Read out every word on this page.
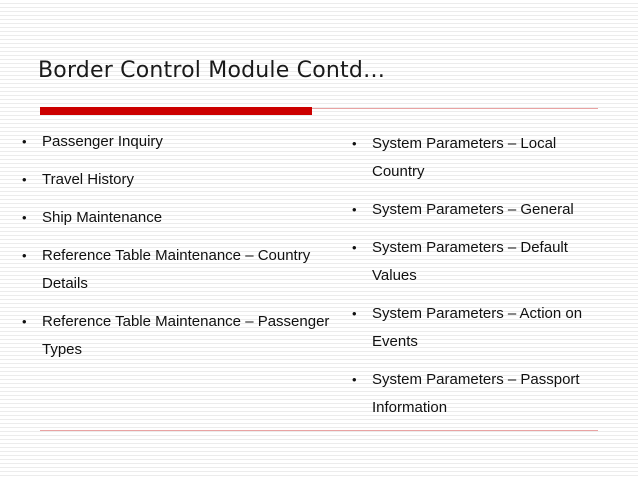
Border Control Module Contd…
• Passenger Inquiry
• Travel History
• Ship Maintenance
• Reference Table Maintenance – Country Details
• Reference Table Maintenance – Passenger Types
• System Parameters – Local Country
• System Parameters – General
• System Parameters – Default Values
• System Parameters – Action on Events
• System Parameters – Passport Information
